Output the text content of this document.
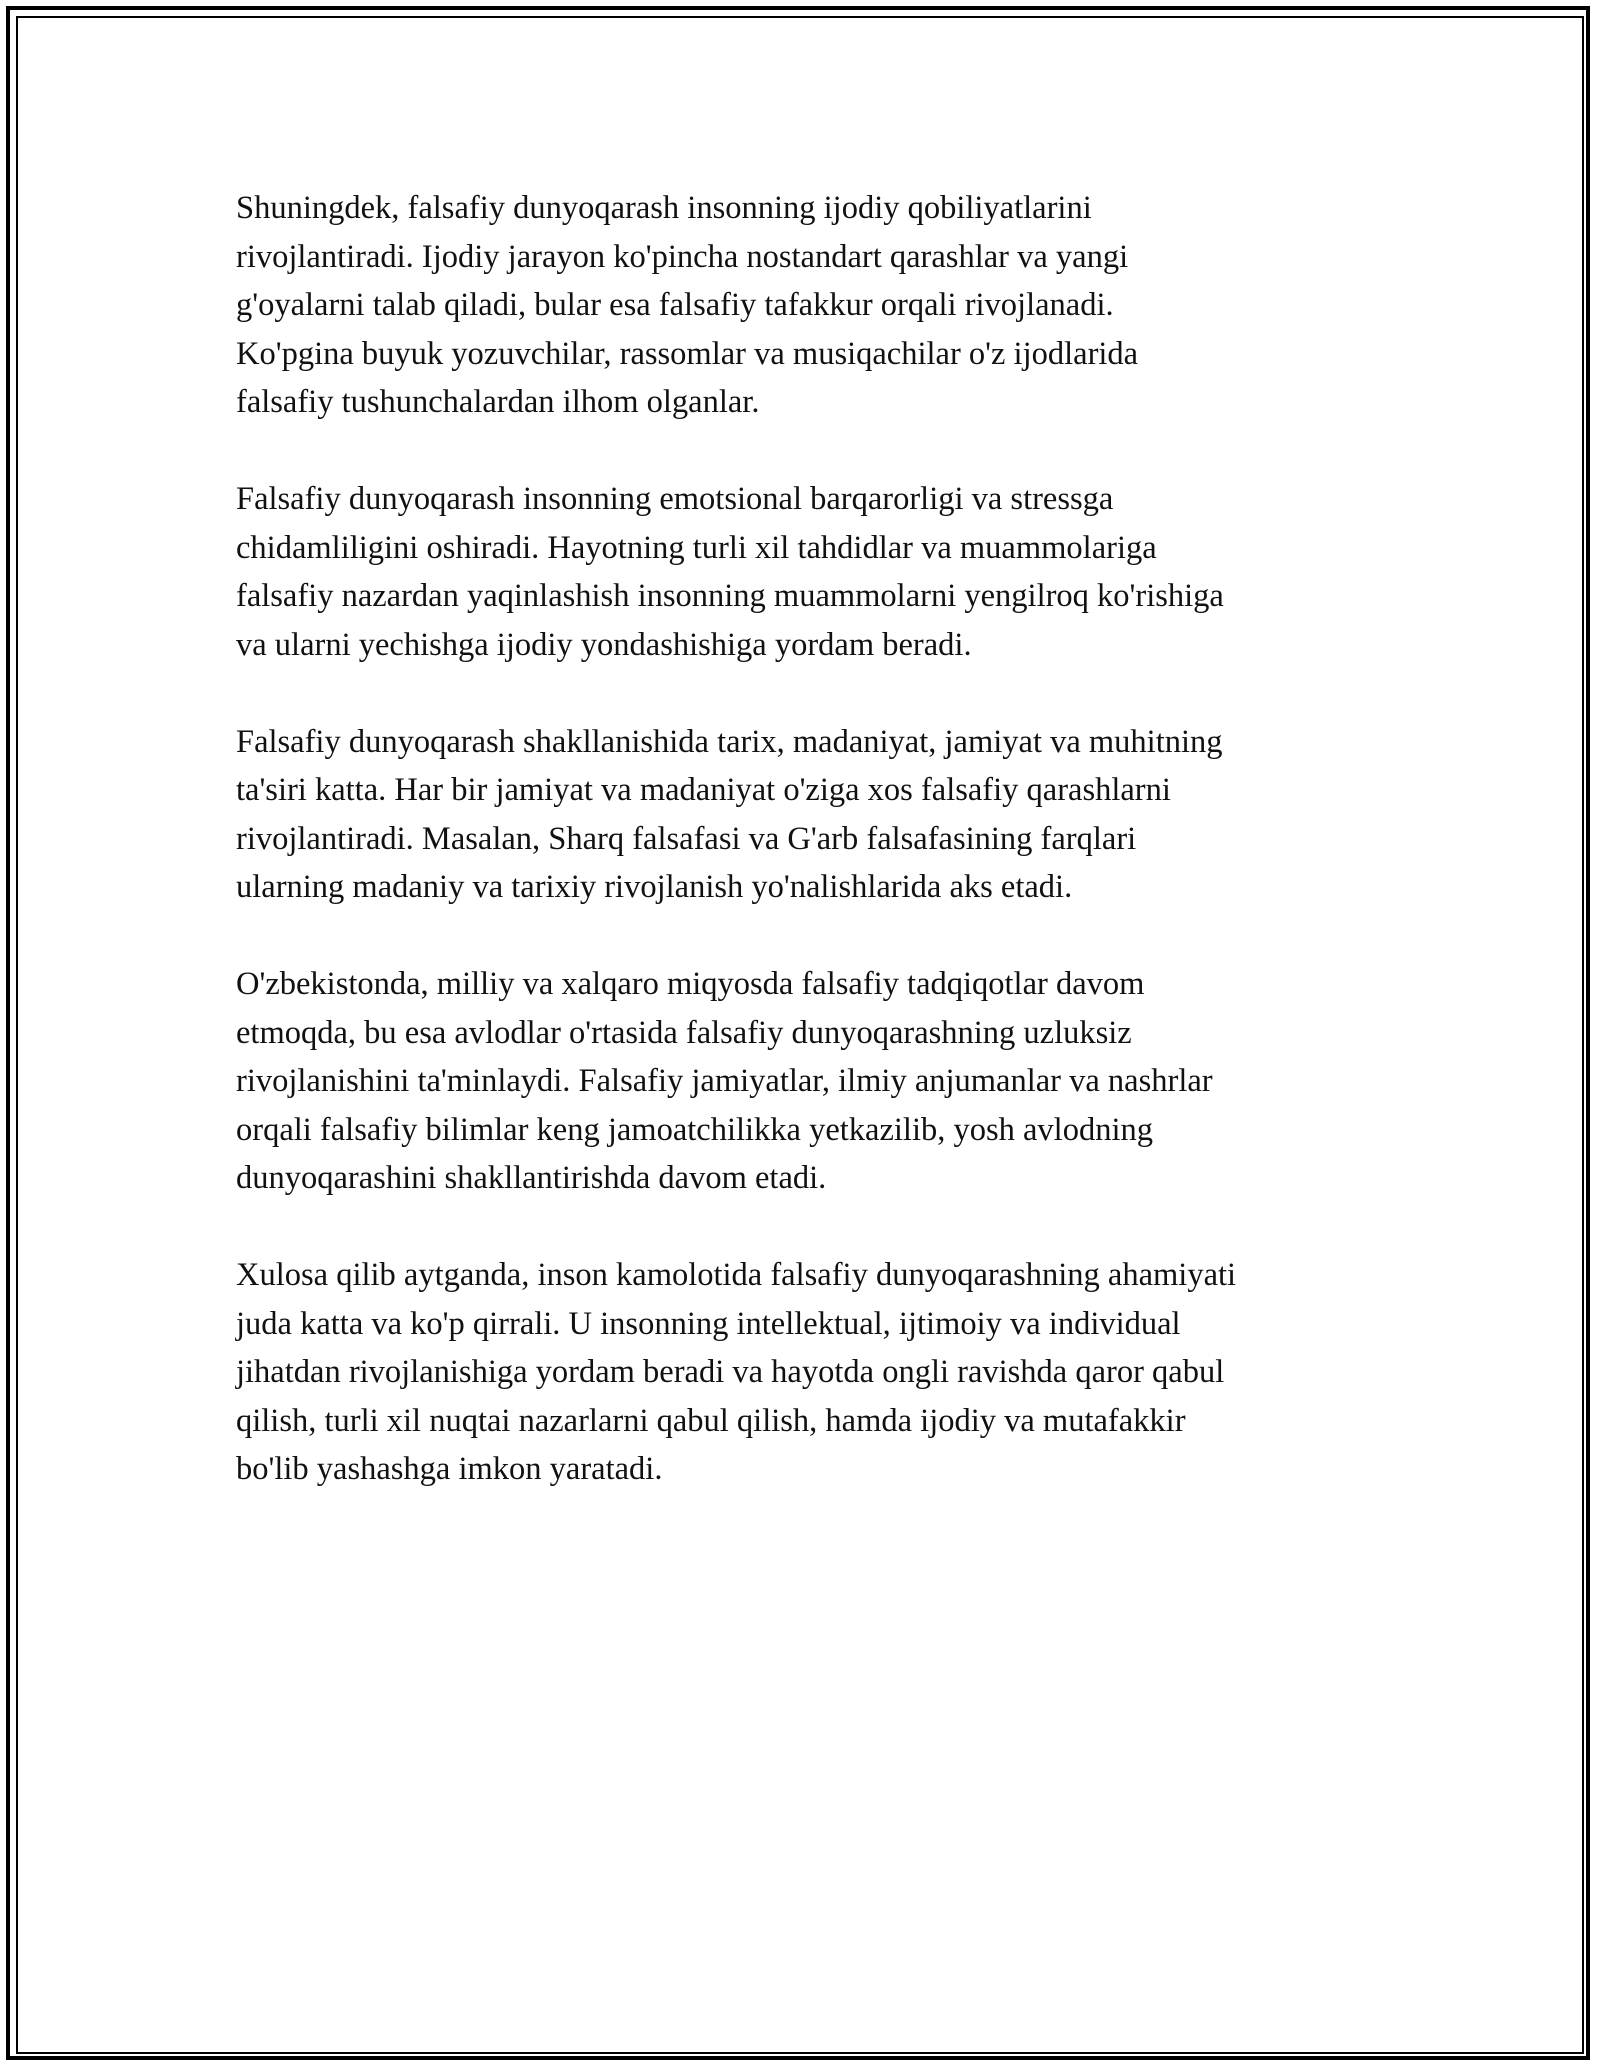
Shuningdek, falsafiy dunyoqarash insonning ijodiy qobiliyatlarini
rivojlantiradi. Ijodiy jarayon ko'pincha nostandart qarashlar va yangi
g'oyalarni talab qiladi, bular esa falsafiy tafakkur orqali rivojlanadi.
Ko'pgina buyuk yozuvchilar, rassomlar va musiqachilar o'z ijodlarida
falsafiy tushunchalardan ilhom olganlar.

Falsafiy dunyoqarash insonning emotsional barqarorligi va stressga
chidamliligini oshiradi. Hayotning turli xil tahdidlar va muammolariga
falsafiy nazardan yaqinlashish insonning muammolarni yengilroq ko'rishiga
va ularni yechishga ijodiy yondashishiga yordam beradi.

Falsafiy dunyoqarash shakllanishida tarix, madaniyat, jamiyat va muhitning
ta'siri katta. Har bir jamiyat va madaniyat o'ziga xos falsafiy qarashlarni
rivojlantiradi. Masalan, Sharq falsafasi va G'arb falsafasining farqlari
ularning madaniy va tarixiy rivojlanish yo'nalishlarida aks etadi.

O'zbekistonda, milliy va xalqaro miqyosda falsafiy tadqiqotlar davom
etmoqda, bu esa avlodlar o'rtasida falsafiy dunyoqarashning uzluksiz
rivojlanishini ta'minlaydi. Falsafiy jamiyatlar, ilmiy anjumanlar va nashrlar
orqali falsafiy bilimlar keng jamoatchilikka yetkazilib, yosh avlodning
dunyoqarashini shakllantirishda davom etadi.

Xulosa qilib aytganda, inson kamolotida falsafiy dunyoqarashning ahamiyati
juda katta va ko'p qirrali. U insonning intellektual, ijtimoiy va individual
jihatdan rivojlanishiga yordam beradi va hayotda ongli ravishda qaror qabul
qilish, turli xil nuqtai nazarlarni qabul qilish, hamda ijodiy va mutafakkir
bo'lib yashashga imkon yaratadi.
